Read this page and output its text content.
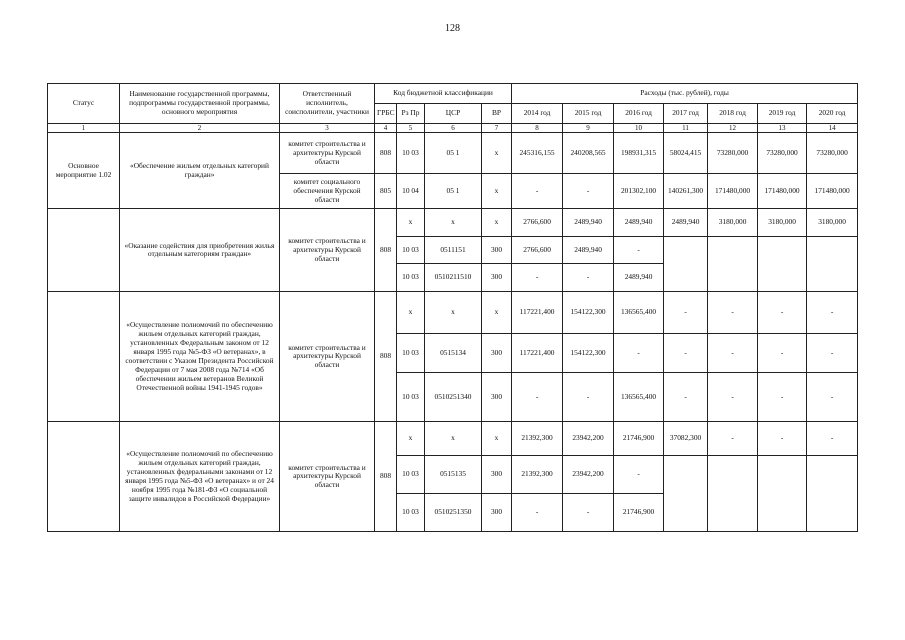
128
Статус	Наименование государственной программы, подпрограммы государственной программы, основного мероприятия	Ответственный исполнитель, соисполнители, участники	Код бюджетной классификации				Расходы (тыс. рублей), годы						
			ГРБС	Рз Пр	ЦСР	ВР	2014 год	2015 год	2016 год	2017 год	2018 год	2019 год	2020 год
1	2	3	4	5	6	7	8	9	10	11	12	13	14
Основное мероприятие 1.02	«Обеспечение жильем отдельных категорий граждан»	комитет строительства и архитектуры Курской области	808	10 03	05 1	х	245316,155	240208,565	198931,315	58024,415	73280,000	73280,000	73280,000
		комитет социального обеспечения Курской области	805	10 04	05 1	х	-	-	201302,100	140261,300	171480,000	171480,000	171480,000
	«Оказание содействия для приобретения жилья отдельным категориям граждан»	комитет строительства и архитектуры Курской области	808	х	х	х	2766,600	2489,940	2489,940	2489,940	3180,000	3180,000	3180,000
				10 03	0511151	300	2766,600	2489,940	-				
				10 03	0510211510	300	-	-	2489,940				
	«Осуществление полномочий по обеспечению жильем отдельных категорий граждан, установленных Федеральным законом от 12 января 1995 года №5-ФЗ «О ветеранах», в соответствии с Указом Президента Российской Федерации от 7 мая 2008 года №714 «Об обеспечении жильем ветеранов Великой Отечественной войны 1941-1945 годов»	комитет строительства и архитектуры Курской области	808	х	х	х	117221,400	154122,300	136565,400	-	-	-	-
				10 03	0515134	300	117221,400	154122,300	-	-	-	-	-
				10 03	0510251340	300	-	-	136565,400	-	-	-	-
	«Осуществление полномочий по обеспечению жильем отдельных категорий граждан, установленных федеральными законами от 12 января 1995 года №5-ФЗ «О ветеранах» и от 24 ноября 1995 года №181-ФЗ «О социальной защите инвалидов в Российской Федерации»	комитет строительства и архитектуры Курской области	808	х	х	х	21392,300	23942,200	21746,900	37082,300	-	-	-
				10 03	0515135	300	21392,300	23942,200	-				
				10 03	0510251350	300	-	-	21746,900				
